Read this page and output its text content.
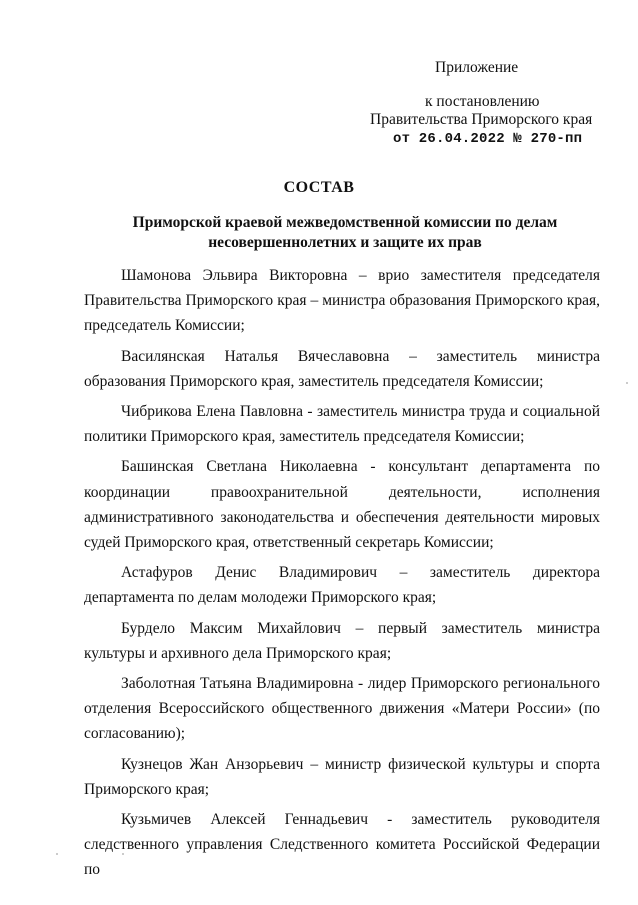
Приложение
к постановлению
Правительства Приморского края
от 26.04.2022 № 270-пп
СОСТАВ
Приморской краевой межведомственной комиссии по делам несовершеннолетних и защите их прав

Шамонова Эльвира Викторовна – врио заместителя председателя Правительства Приморского края – министра образования Приморского края, председатель Комиссии;

Василянская Наталья Вячеславовна – заместитель министра образования Приморского края, заместитель председателя Комиссии;

Чибрикова Елена Павловна - заместитель министра труда и социальной политики Приморского края, заместитель председателя Комиссии;

Башинская Светлана Николаевна - консультант департамента по координации правоохранительной деятельности, исполнения административного законодательства и обеспечения деятельности мировых судей Приморского края, ответственный секретарь Комиссии;

Астафуров Денис Владимирович – заместитель директора департамента по делам молодежи Приморского края;

Бурдело Максим Михайлович – первый заместитель министра культуры и архивного дела Приморского края;

Заболотная Татьяна Владимировна - лидер Приморского регионального отделения Всероссийского общественного движения «Матери России» (по согласованию);

Кузнецов Жан Анзорьевич – министр физической культуры и спорта Приморского края;

Кузьмичев Алексей Геннадьевич - заместитель руководителя следственного управления Следственного комитета Российской Федерации по
